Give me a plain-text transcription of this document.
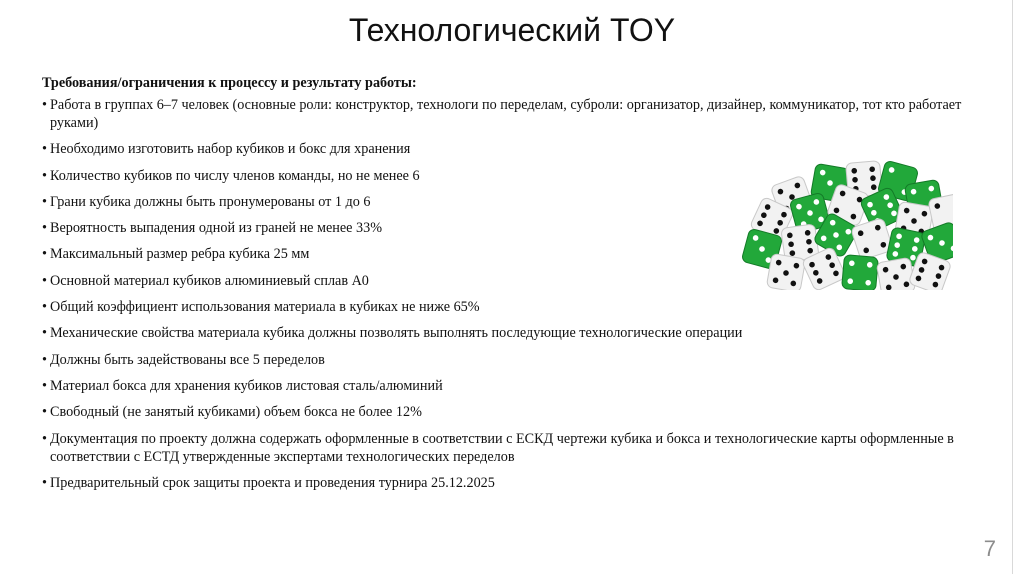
Технологический TOY
Требования/ограничения к процессу и результату работы:
• Работа в группах 6–7 человек (основные роли: конструктор, технологи по переделам, суброли: организатор, дизайнер, коммуникатор, тот кто работает руками)
• Необходимо изготовить набор кубиков и бокс для хранения
• Количество кубиков по числу членов команды, но не менее 6
• Грани кубика должны быть пронумерованы от 1 до 6
• Вероятность выпадения одной из граней не менее 33%
• Максимальный размер ребра кубика 25 мм
• Основной материал кубиков алюминиевый сплав А0
• Общий коэффициент использования материала в кубиках не ниже 65%
• Механические свойства материала кубика должны позволять выполнять последующие технологические операции
• Должны быть задействованы все 5 переделов
• Материал бокса для хранения кубиков листовая сталь/алюминий
• Свободный (не занятый кубиками) объем бокса не более 12%
• Документация по проекту должна содержать оформленные в соответствии с ЕСКД чертежи кубика и бокса и технологические карты оформленные в соответствии с ЕСТД утвержденные экспертами технологических переделов
• Предварительный срок защиты проекта и проведения турнира 25.12.2025
7
